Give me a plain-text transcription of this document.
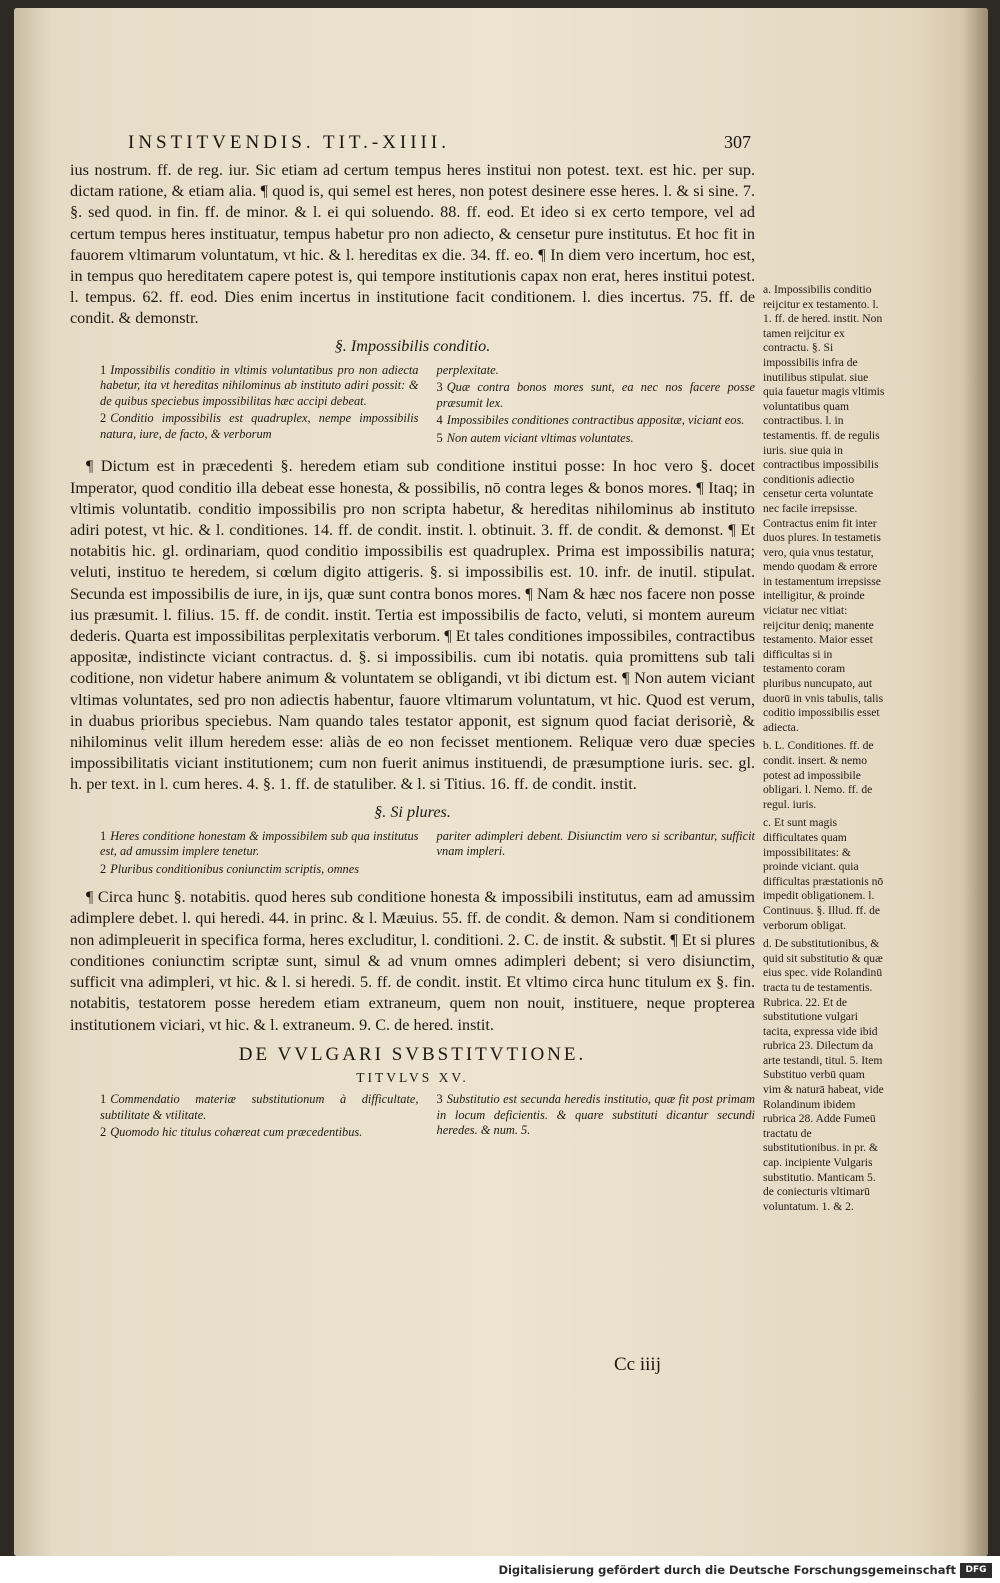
INSTITVENDIS. TIT.-XIIII.	307

ius nostrum. ff. de reg. iur. Sic etiam ad certum tempus heres institui non potest. text. est hic. per sup. dictam ratione, & etiam alia. ¶ quod is, qui semel est heres, non potest desinere esse heres. l. & si sine. 7. §. sed quod. in fin. ff. de minor. & l. ei qui soluendo. 88. ff. eod. Et ideo si ex certo tempore, vel ad certum tempus heres instituatur, tempus habetur pro non adiecto, & censetur pure institutus. Et hoc fit in fauorem vltimarum voluntatum, vt hic. & l. hereditas ex die. 34. ff. eo. ¶ In diem vero incertum, hoc est, in tempus quo hereditatem capere potest is, qui tempore institutionis capax non erat, heres institui potest. l. tempus. 62. ff. eod. Dies enim incertus in institutione facit conditionem. l. dies incertus. 75. ff. de condit. & demonstr.

§. Impossibilis conditio.
1 Impossibilis conditio in vltimis voluntatibus pro non adiecta habetur, ita vt hereditas nihilominus ab instituto adiri possit: & de quibus speciebus impossibilitas hæc accipi debeat.
2 Conditio impossibilis est quadruplex, nempe impossibilis natura, iure, de facto, & verborum
perplexitate.
3 Quæ contra bonos mores sunt, ea nec nos facere posse præsumit lex.
4 Impossibiles conditiones contractibus appositæ, viciant eos.
5 Non autem viciant vltimas voluntates.

¶ Dictum est in præcedenti §. heredem etiam sub conditione institui posse: In hoc vero §. docet Imperator, quod conditio illa debeat esse honesta, & possibilis, nō contra leges & bonos mores. ¶ Itaq; in vltimis voluntatib. conditio impossibilis pro non scripta habetur, & hereditas nihilominus ab instituto adiri potest, vt hic. & l. conditiones. 14. ff. de condit. instit. l. obtinuit. 3. ff. de condit. & demonst. ¶ Et notabitis hic. gl. ordinariam, quod conditio impossibilis est quadruplex. Prima est impossibilis natura; veluti, instituo te heredem, si cœlum digito attigeris. §. si impossibilis est. 10. infr. de inutil. stipulat. Secunda est impossibilis de iure, in ijs, quæ sunt contra bonos mores. ¶ Nam & hæc nos facere non posse ius præsumit. l. filius. 15. ff. de condit. instit. Tertia est impossibilis de facto, veluti, si montem aureum dederis. Quarta est impossibilitas perplexitatis verborum. ¶ Et tales conditiones impossibiles, contractibus appositæ, indistincte viciant contractus. d. §. si impossibilis. cum ibi notatis. quia promittens sub tali coditione, non videtur habere animum & voluntatem se obligandi, vt ibi dictum est. ¶ Non autem viciant vltimas voluntates, sed pro non adiectis habentur, fauore vltimarum voluntatum, vt hic. Quod est verum, in duabus prioribus speciebus. Nam quando tales testator apponit, est signum quod faciat derisoriè, & nihilominus velit illum heredem esse: aliàs de eo non fecisset mentionem. Reliquæ vero duæ species impossibilitatis viciant institutionem; cum non fuerit animus instituendi, de præsumptione iuris. sec. gl. h. per text. in l. cum heres. 4. §. 1. ff. de statuliber. & l. si Titius. 16. ff. de condit. instit.

§. Si plures.
1 Heres conditione honestam & impossibilem sub qua institutus est, ad amussim implere tenetur.
2 Pluribus conditionibus coniunctim scriptis, omnes
pariter adimpleri debent. Disiunctim vero si scribantur, sufficit vnam impleri.

¶ Circa hunc §. notabitis. quod heres sub conditione honesta & impossibili institutus, eam ad amussim adimplere debet. l. qui heredi. 44. in princ. & l. Mæuius. 55. ff. de condit. & demon. Nam si conditionem non adimpleuerit in specifica forma, heres excluditur, l. conditioni. 2. C. de instit. & substit. ¶ Et si plures conditiones coniunctim scriptæ sunt, simul & ad vnum omnes adimpleri debent; si vero disiunctim, sufficit vna adimpleri, vt hic. & l. si heredi. 5. ff. de condit. instit. Et vltimo circa hunc titulum ex §. fin. notabitis, testatorem posse heredem etiam extraneum, quem non nouit, instituere, neque propterea institutionem viciari, vt hic. & l. extraneum. 9. C. de hered. instit.

DE VVLGARI SVBSTITVTIONE.
TITVLVS XV.
1 Commendatio materiæ substitutionum à difficultate, subtilitate & vtilitate.
2 Quomodo hic titulus cohæreat cum præcedentibus.
3 Substitutio est secunda heredis institutio, quæ fit post primam in locum deficientis. & quare substituti dicantur secundi heredes. & num. 5.
Cc iiij

a. Impossibilis conditio reijcitur ex testamento. l. 1. ff. de hered. instit. Non tamen reijcitur ex contractu. §. Si impossibilis infra de inutilibus stipulat. siue quia fauetur magis vltimis voluntatibus quam contractibus. l. in testamentis. ff. de regulis iuris. siue quia in contractibus impossibilis conditionis adiectio censetur certa voluntate nec facile irrepsisse. Contractus enim fit inter duos plures. In testametis vero, quia vnus testatur, mendo quodam & errore in testamentum irrepsisse intelligitur, & proinde viciatur nec vitiat: reijcitur deniq; manente testamento. Maior esset difficultas si in testamento coram pluribus nuncupato, aut duorū in vnis tabulis, talis coditio impossibilis esset adiecta.

b. L. Conditiones. ff. de condit. insert. & nemo potest ad impossibile obligari. l. Nemo. ff. de regul. iuris.

c. Et sunt magis difficultates quam impossibilitates: & proinde viciant. quia difficultas præstationis nō impedit obligationem. l. Continuus. §. Illud. ff. de verborum obligat.

d. De substitutionibus, & quid sit substitutio & quæ eius spec. vide Rolandinū tracta tu de testamentis. Rubrica. 22. Et de substitutione vulgari tacita, expressa vide ibid rubrica 23. Dilectum da arte testandi, titul. 5. Item Substituo verbū quam vim & naturā habeat, vide Rolandinum ibidem rubrica 28. Adde Fumeū tractatu de substitutionibus. in pr. & cap. incipiente Vulgaris substitutio. Manticam 5. de coniecturis vltimarū voluntatum. 1. & 2.

Digitalisierung gefördert durch die Deutsche Forschungsgemeinschaft	DFG
